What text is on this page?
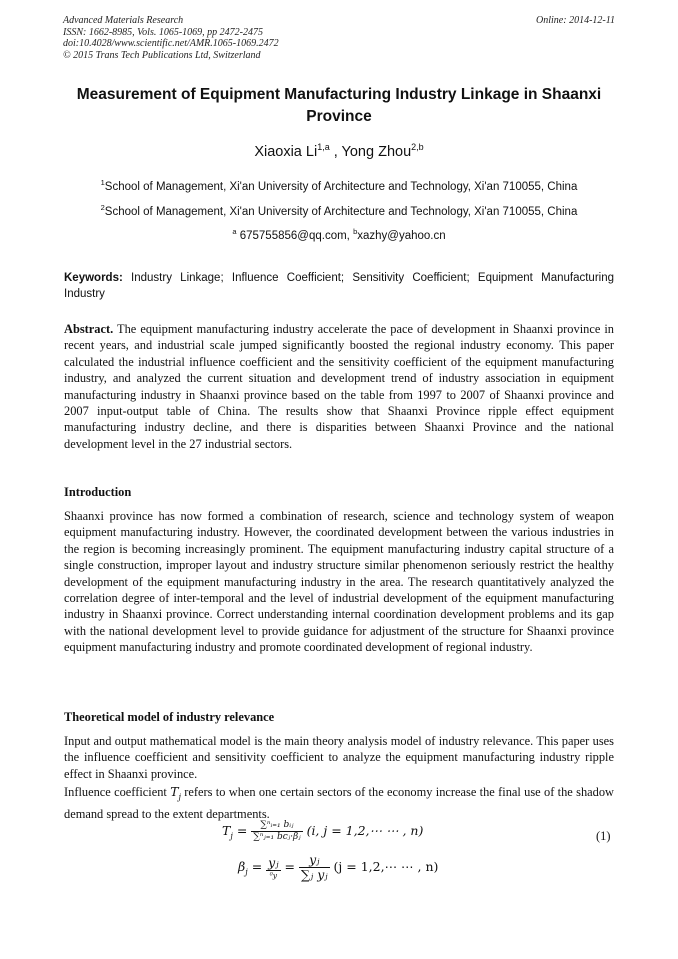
Advanced Materials Research
ISSN: 1662-8985, Vols. 1065-1069, pp 2472-2475
doi:10.4028/www.scientific.net/AMR.1065-1069.2472
© 2015 Trans Tech Publications Ltd, Switzerland
Online: 2014-12-11
Measurement of Equipment Manufacturing Industry Linkage in Shaanxi
Province
Xiaoxia Li$^{1,a}$ , Yong Zhou$^{2,b}$
$^1$School of Management, Xi'an University of Architecture and Technology, Xi'an 710055, China
$^2$School of Management, Xi'an University of Architecture and Technology, Xi'an 710055, China
$^a$ 675755856@qq.com, $^b$xazhy@yahoo.cn
Keywords: Industry Linkage; Influence Coefficient; Sensitivity Coefficient; Equipment Manufacturing Industry
Abstract. The equipment manufacturing industry accelerate the pace of development in Shaanxi province in recent years, and industrial scale jumped significantly boosted the regional industry economy. This paper calculated the industrial influence coefficient and the sensitivity coefficient of the equipment manufacturing industry, and analyzed the current situation and development trend of industry association in equipment manufacturing industry in Shaanxi province based on the table from 1997 to 2007 of Shaanxi province and 2007 input-output table of China. The results show that Shaanxi Province ripple effect equipment manufacturing industry decline, and there is disparities between Shaanxi Province and the national development level in the 27 industrial sectors.
Introduction
Shaanxi province has now formed a combination of research, science and technology system of weapon equipment manufacturing industry. However, the coordinated development between the various industries in the region is becoming increasingly prominent. The equipment manufacturing industry capital structure of a single construction, improper layout and industry structure similar phenomenon seriously restrict the healthy development of the equipment manufacturing industry in the area. The research quantitatively analyzed the correlation degree of inter-temporal and the level of industrial development of the equipment manufacturing industry in Shaanxi province. Correct understanding internal coordination development problems and its gap with the national development level to provide guidance for adjustment of the structure for Shaanxi province equipment manufacturing industry and promote coordinated development of regional industry.
Theoretical model of industry relevance
Input and output mathematical model is the main theory analysis model of industry relevance. This paper uses the influence coefficient and sensitivity coefficient to analyze the equipment manufacturing industry ripple effect in Shaanxi province.
Influence coefficient $T_j$ refers to when one certain sectors of the economy increase the final use of the shadow demand spread to the extent departments.
$T_j = \frac{\text{∑ⁿᵢ₌₁ bᵢⱼ}}{\text{∑ⁿⱼ₌₁ bcⱼ·βⱼ}} (i$, j = 1,2,⋯ ⋯ , n)	(1)
$\beta_j = \frac{\text{yⱼ}}{\text{⁰y}} = \frac{\text{yⱼ}}{\text{∑ⱼ yⱼ}} (j$ = 1,2,⋯ ⋯ , n)
